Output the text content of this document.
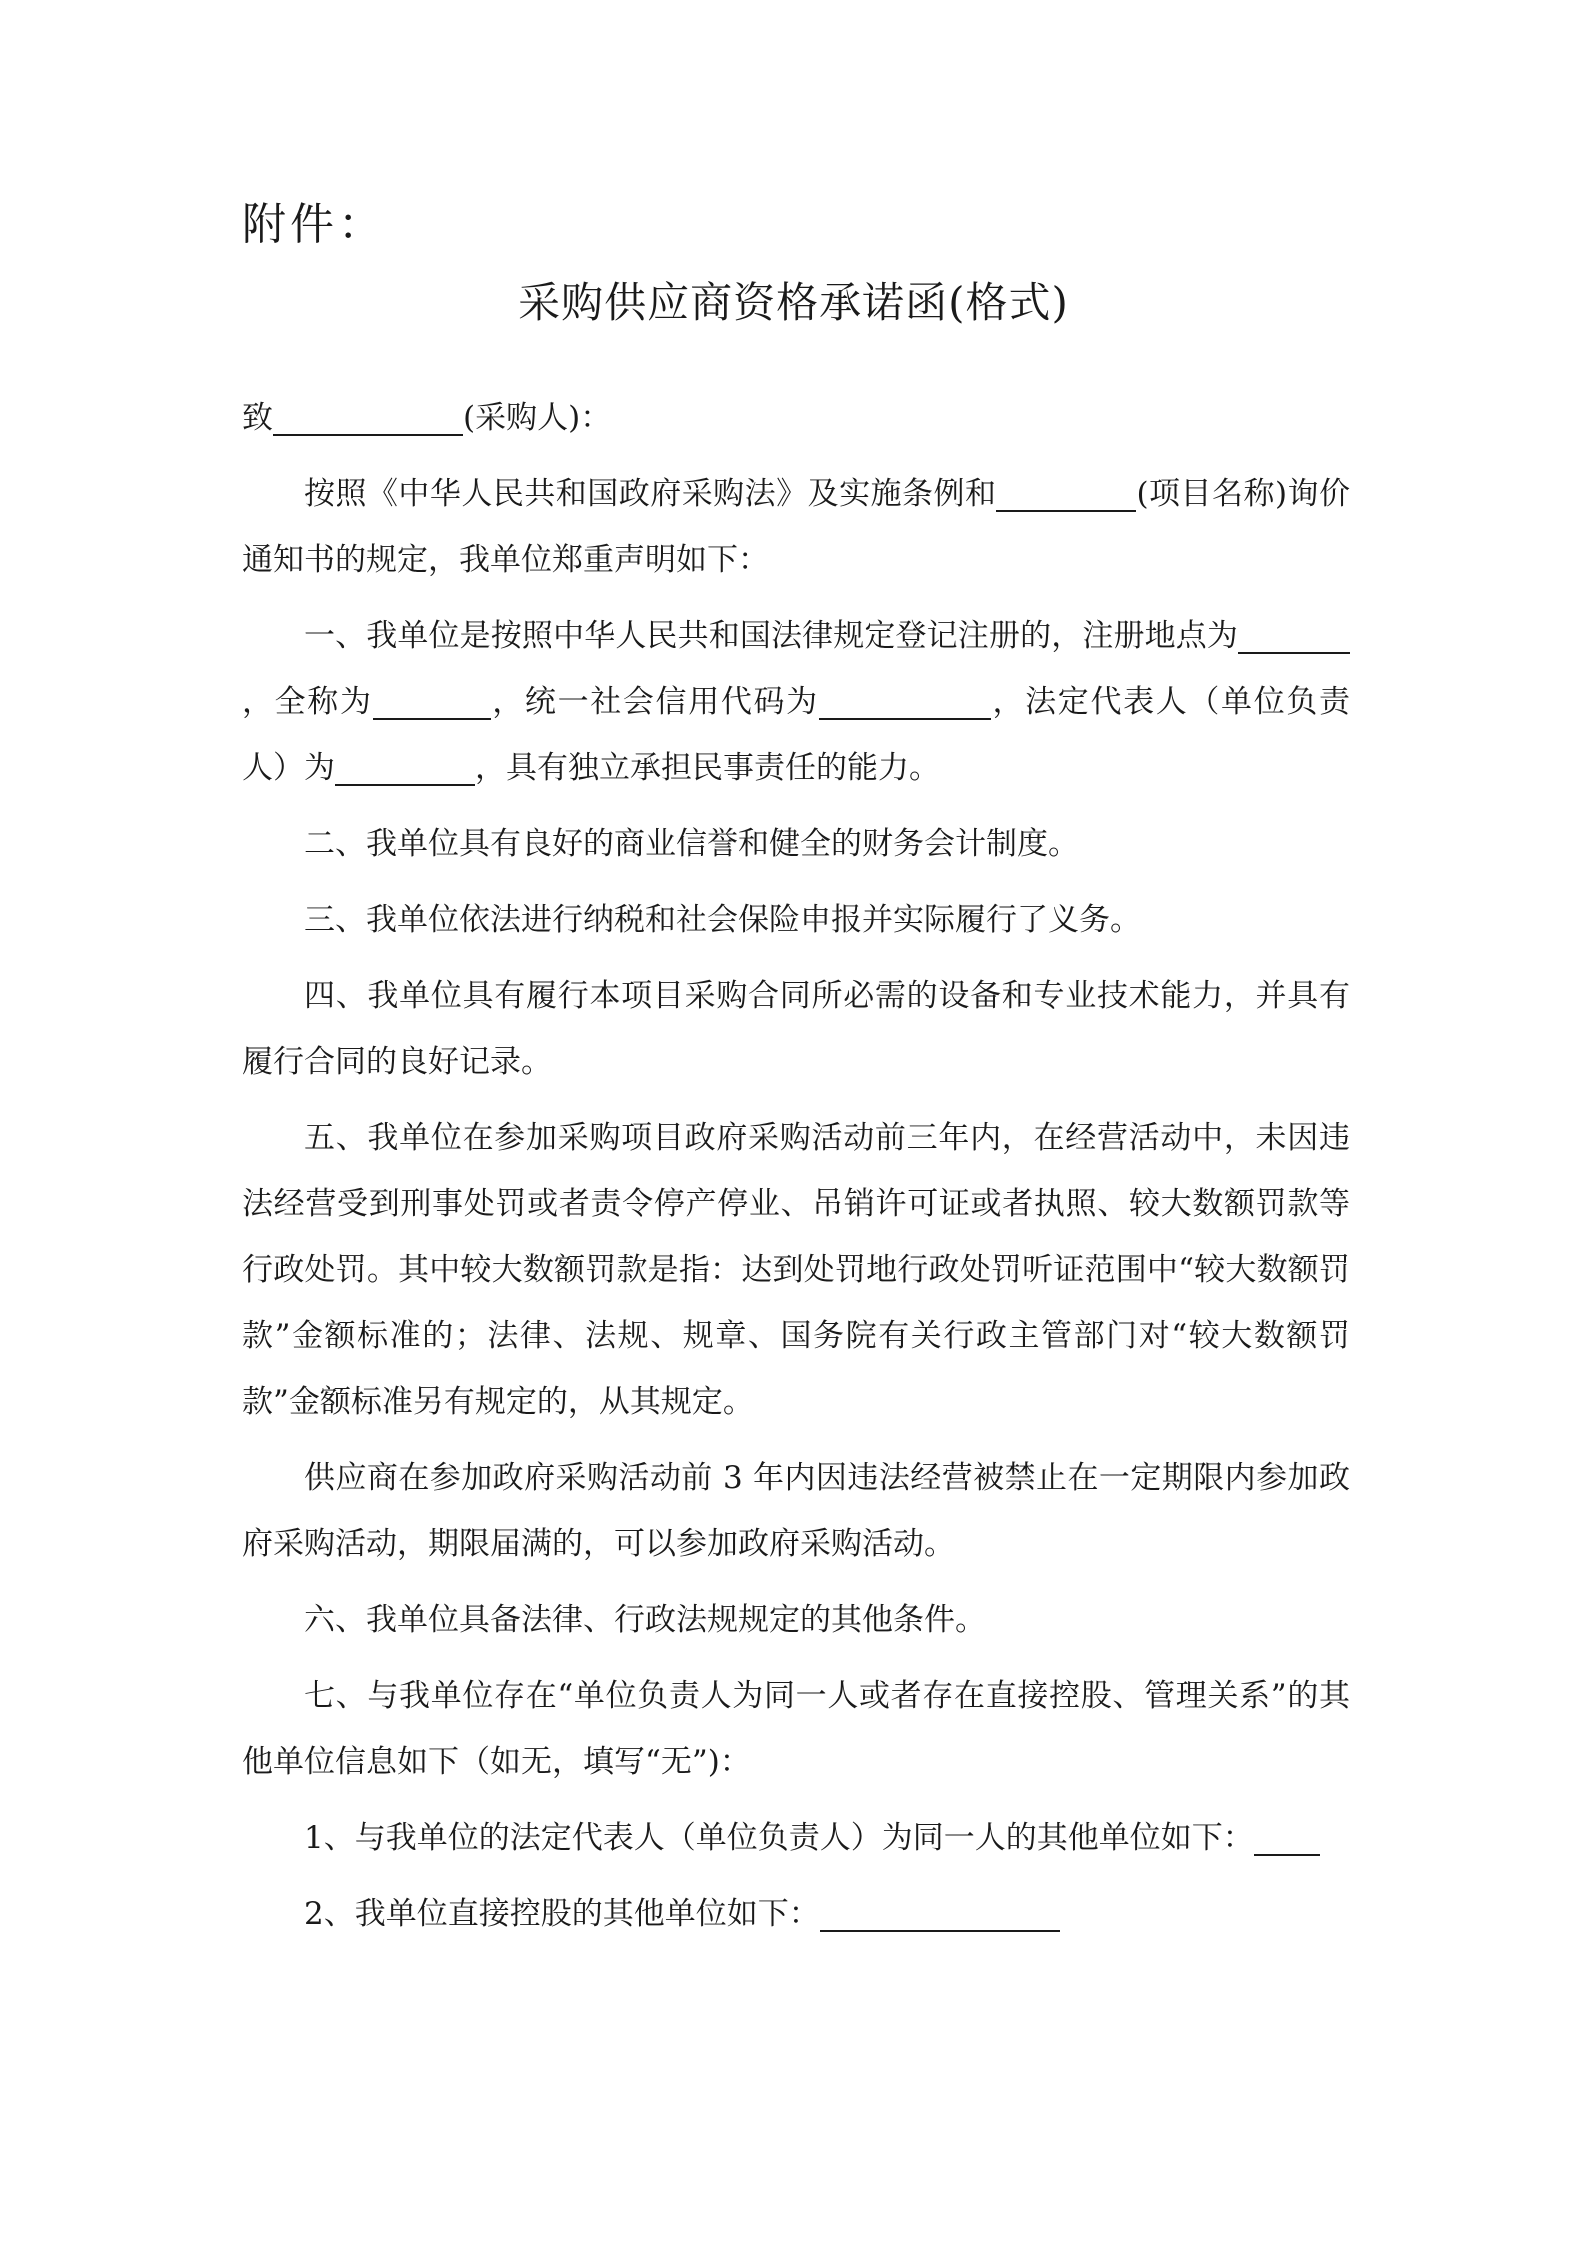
附件：
采购供应商资格承诺函(格式)

致	(采购人)：

按照《中华人民共和国政府采购法》及实施条例和	(项目名称)询价通知书的规定，我单位郑重声明如下：

一、我单位是按照中华人民共和国法律规定登记注册的，注册地点为，全称为	，统一社会信用代码为	，法定代表人（单位负责人）为	，具有独立承担民事责任的能力。

二、我单位具有良好的商业信誉和健全的财务会计制度。

三、我单位依法进行纳税和社会保险申报并实际履行了义务。

四、我单位具有履行本项目采购合同所必需的设备和专业技术能力，并具有履行合同的良好记录。

五、我单位在参加采购项目政府采购活动前三年内，在经营活动中，未因违法经营受到刑事处罚或者责令停产停业、吊销许可证或者执照、较大数额罚款等行政处罚。其中较大数额罚款是指：达到处罚地行政处罚听证范围中“较大数额罚款”金额标准的；法律、法规、规章、国务院有关行政主管部门对“较大数额罚款”金额标准另有规定的，从其规定。

供应商在参加政府采购活动前 3 年内因违法经营被禁止在一定期限内参加政府采购活动，期限届满的，可以参加政府采购活动。

六、我单位具备法律、行政法规规定的其他条件。

七、与我单位存在“单位负责人为同一人或者存在直接控股、管理关系”的其他单位信息如下（如无，填写“无”)：

1、与我单位的法定代表人（单位负责人）为同一人的其他单位如下：

2、我单位直接控股的其他单位如下：
